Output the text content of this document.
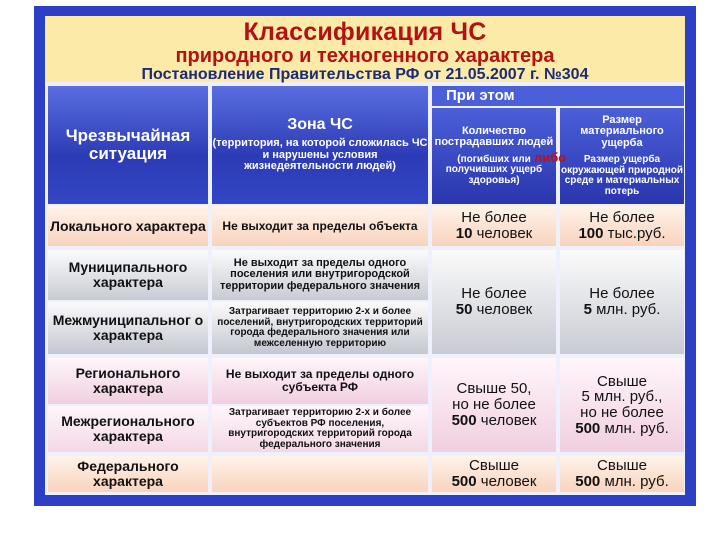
Классификация ЧС
природного и техногенного характера
Постановление Правительства РФ от 21.05.2007 г. №304
Чрезвычайная ситуация
Зона ЧС
(территория, на которой сложилась ЧС и нарушены условия жизнедеятельности людей)
При этом
Количество пострадавших людей
(погибших или получивших ущерб здоровья)
Размер материального ущерба
Размер ущерба окружающей природной среде и материальных потерь
либо
Локального характера Не выходит за пределы объекта	Не более
10 человек
Не более
100 тыс.руб.
Муниципального характера
Не выходит за пределы одного поселения или внутригородской территории федерального значения
Межмуниципальног о характера
Затрагивает территорию 2-х и более поселений, внутригородских территорий города федерального значения или межселенную территорию
Не более
50 человек
Не более
5 млн. руб.
Регионального характера
Не выходит за пределы одного субъекта РФ
Межрегионального характера
Затрагивает территорию 2-х и более субъектов РФ поселения, внутригородских территорий города федерального значения
Свыше 50,
но не более
500 человек
Свыше
5 млн. руб.,
но не более
500 млн. руб.
Федерального характера
Свыше
500 человек
Свыше
500 млн. руб.
